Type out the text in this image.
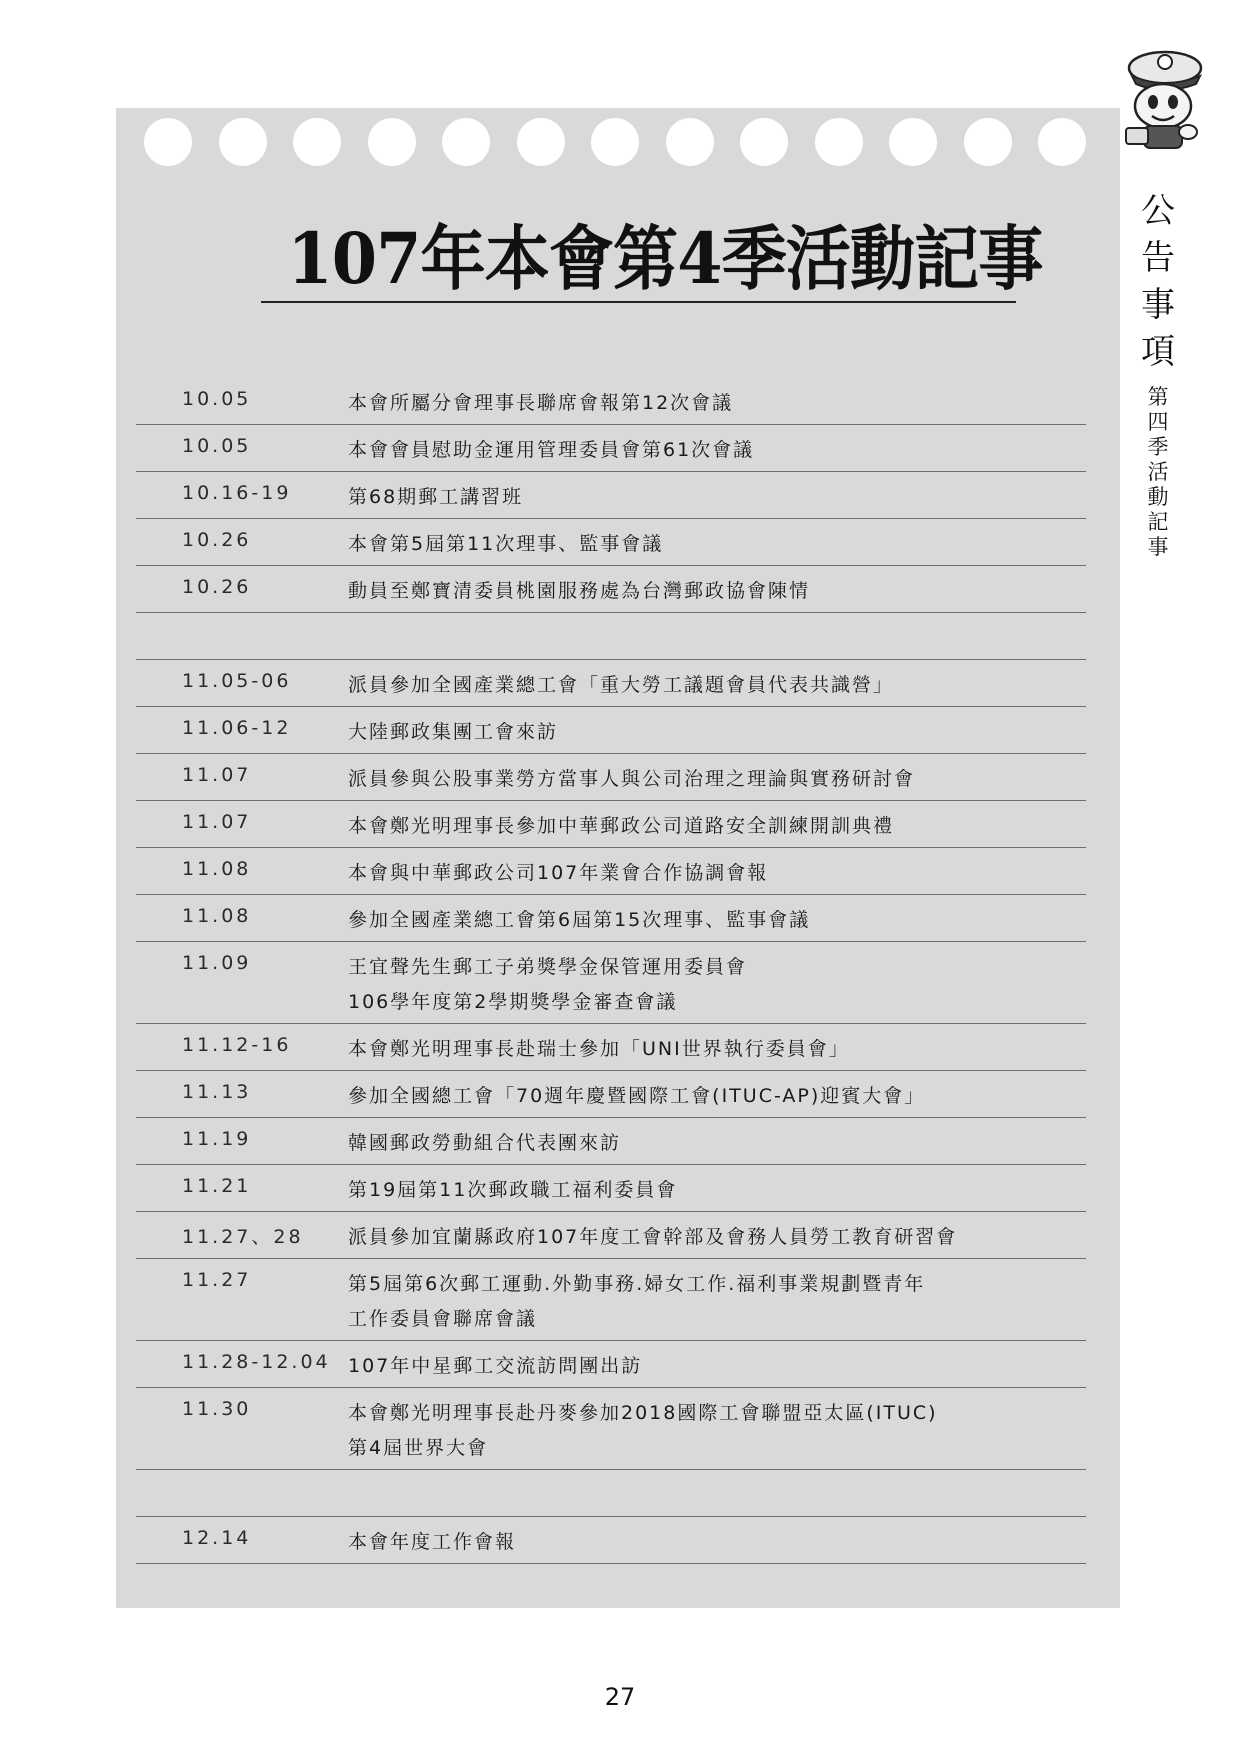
107年本會第4季活動記事
10.05	本會所屬分會理事長聯席會報第12次會議
10.05	本會會員慰助金運用管理委員會第61次會議
10.16-19	第68期郵工講習班
10.26	本會第5屆第11次理事、監事會議
10.26	動員至鄭寶清委員桃園服務處為台灣郵政協會陳情
11.05-06	派員參加全國產業總工會「重大勞工議題會員代表共識營」
11.06-12	大陸郵政集團工會來訪
11.07	派員參與公股事業勞方當事人與公司治理之理論與實務研討會
11.07	本會鄭光明理事長參加中華郵政公司道路安全訓練開訓典禮
11.08	本會與中華郵政公司107年業會合作協調會報
11.08	參加全國產業總工會第6屆第15次理事、監事會議
11.09	王宜聲先生郵工子弟獎學金保管運用委員會
106學年度第2學期獎學金審查會議
11.12-16	本會鄭光明理事長赴瑞士參加「UNI世界執行委員會」
11.13	參加全國總工會「70週年慶暨國際工會(ITUC-AP)迎賓大會」
11.19	韓國郵政勞動組合代表團來訪
11.21	第19屆第11次郵政職工福利委員會
11.27、28 派員參加宜蘭縣政府107年度工會幹部及會務人員勞工教育研習會
11.27	第5屆第6次郵工運動.外勤事務.婦女工作.福利事業規劃暨青年
工作委員會聯席會議
11.28-12.04 107年中星郵工交流訪問團出訪
11.30	本會鄭光明理事長赴丹麥參加2018國際工會聯盟亞太區(ITUC)
第4屆世界大會
12.14	本會年度工作會報
公
告
事
項
第
四
季
活
動
記
事
27
